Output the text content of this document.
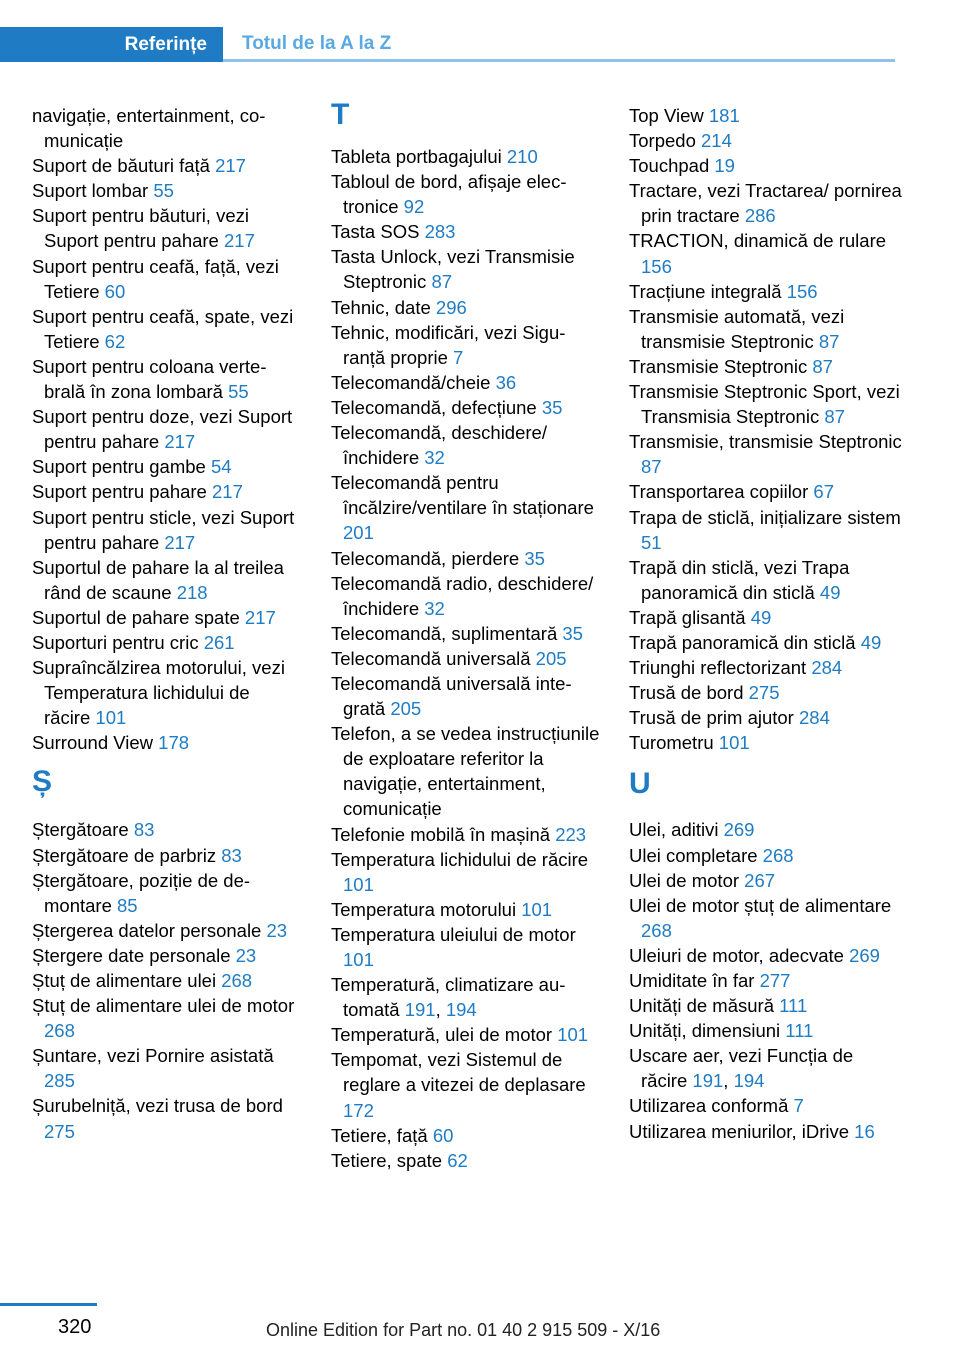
Referințe Totul de la A la Z
navigație, entertainment, comunicație
Suport de băuturi față 217
Suport lombar 55
Suport pentru băuturi, vezi Suport pentru pahare 217
Suport pentru ceafă, față, vezi Tetiere 60
Suport pentru ceafă, spate, vezi Tetiere 62
Suport pentru coloana vertebrală în zona lombară 55
Suport pentru doze, vezi Suport pentru pahare 217
Suport pentru gambe 54
Suport pentru pahare 217
Suport pentru sticle, vezi Suport pentru pahare 217
Suportul de pahare la al treilea rând de scaune 218
Suportul de pahare spate 217
Suporturi pentru cric 261
Supraîncălzirea motorului, vezi Temperatura lichidului de răcire 101
Surround View 178
Ș
Ștergătoare 83
Ștergătoare de parbriz 83
Ștergătoare, poziție de demontare 85
Ștergerea datelor personale 23
Ștergere date personale 23
Ștuț de alimentare ulei 268
Ștuț de alimentare ulei de motor 268
Șuntare, vezi Pornire asistată 285
Șurubelniță, vezi trusa de bord 275
T
Tableta portbagajului 210
Tabloul de bord, afișaje electronice 92
Tasta SOS 283
Tasta Unlock, vezi Transmisie Steptronic 87
Tehnic, date 296
Tehnic, modificări, vezi Siguranță proprie 7
Telecomandă/cheie 36
Telecomandă, defecțiune 35
Telecomandă, deschidere/ închidere 32
Telecomandă pentru încălzire/ventilare în staționare 201
Telecomandă, pierdere 35
Telecomandă radio, deschidere/închidere 32
Telecomandă, suplimentară 35
Telecomandă universală 205
Telecomandă universală integrată 205
Telefon, a se vedea instrucțiunile de exploatare referitor la navigație, entertainment, comunicație
Telefonie mobilă în mașină 223
Temperatura lichidului de răcire 101
Temperatura motorului 101
Temperatura uleiului de motor 101
Temperatură, climatizare automată 191, 194
Temperatură, ulei de motor 101
Tempomat, vezi Sistemul de reglare a vitezei de deplasare 172
Tetiere, față 60
Tetiere, spate 62
Top View 181
Torpedo 214
Touchpad 19
Tractare, vezi Tractarea/ pornirea prin tractare 286
TRACTION, dinamică de rulare 156
Tracțiune integrală 156
Transmisie automată, vezi transmisie Steptronic 87
Transmisie Steptronic 87
Transmisie Steptronic Sport, vezi Transmisia Steptronic 87
Transmisie, transmisie Steptronic 87
Transportarea copiilor 67
Trapa de sticlă, inițializare sistem 51
Trapă din sticlă, vezi Trapa panoramică din sticlă 49
Trapă glisantă 49
Trapă panoramică din sticlă 49
Triunghi reflectorizant 284
Trusă de bord 275
Trusă de prim ajutor 284
Turometru 101
U
Ulei, aditivi 269
Ulei completare 268
Ulei de motor 267
Ulei de motor ștuț de alimentare 268
Uleiuri de motor, adecvate 269
Umiditate în far 277
Unități de măsură 111
Unități, dimensiuni 111
Uscare aer, vezi Funcția de răcire 191, 194
Utilizarea conformă 7
Utilizarea meniurilor, iDrive 16
320	Online Edition for Part no. 01 40 2 915 509 - X/16
